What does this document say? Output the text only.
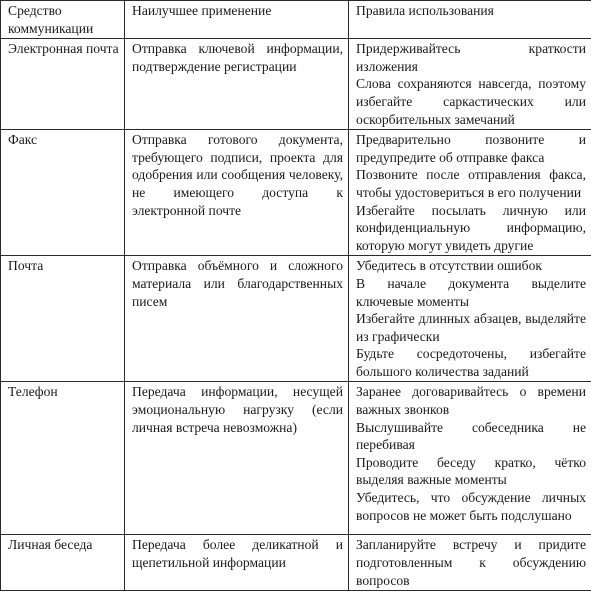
Средство коммуникации	Наилучшее применение	Правила использования

Электронная почта	Отправка ключевой информации, подтверждение регистрации	Придерживайтесь краткости изложения
Слова сохраняются навсегда, поэтому избегайте саркастических или оскорбительных замечаний

Факс	Отправка готового документа, требующего подписи, проекта для одобрения или сообщения человеку, не имеющего доступа к электронной почте	Предварительно позвоните и предупредите об отправке факса
Позвоните после отправления факса, чтобы удостовериться в его получении
Избегайте посылать личную или конфиденциальную информацию, которую могут увидеть другие

Почта	Отправка объёмного и сложного материала или благодарственных писем	Убедитесь в отсутствии ошибок
В начале документа выделите ключевые моменты
Избегайте длинных абзацев, выделяйте из графически
Будьте сосредоточены, избегайте большого количества заданий

Телефон	Передача информации, несущей эмоциональную нагрузку (если личная встреча невозможна)	Заранее договаривайтесь о времени важных звонков
Выслушивайте собеседника не перебивая
Проводите беседу кратко, чётко выделяя важные моменты
Убедитесь, что обсуждение личных вопросов не может быть подслушано

Личная беседа	Передача более деликатной и щепетильной информации	Запланируйте встречу и придите подготовленным к обсуждению вопросов
